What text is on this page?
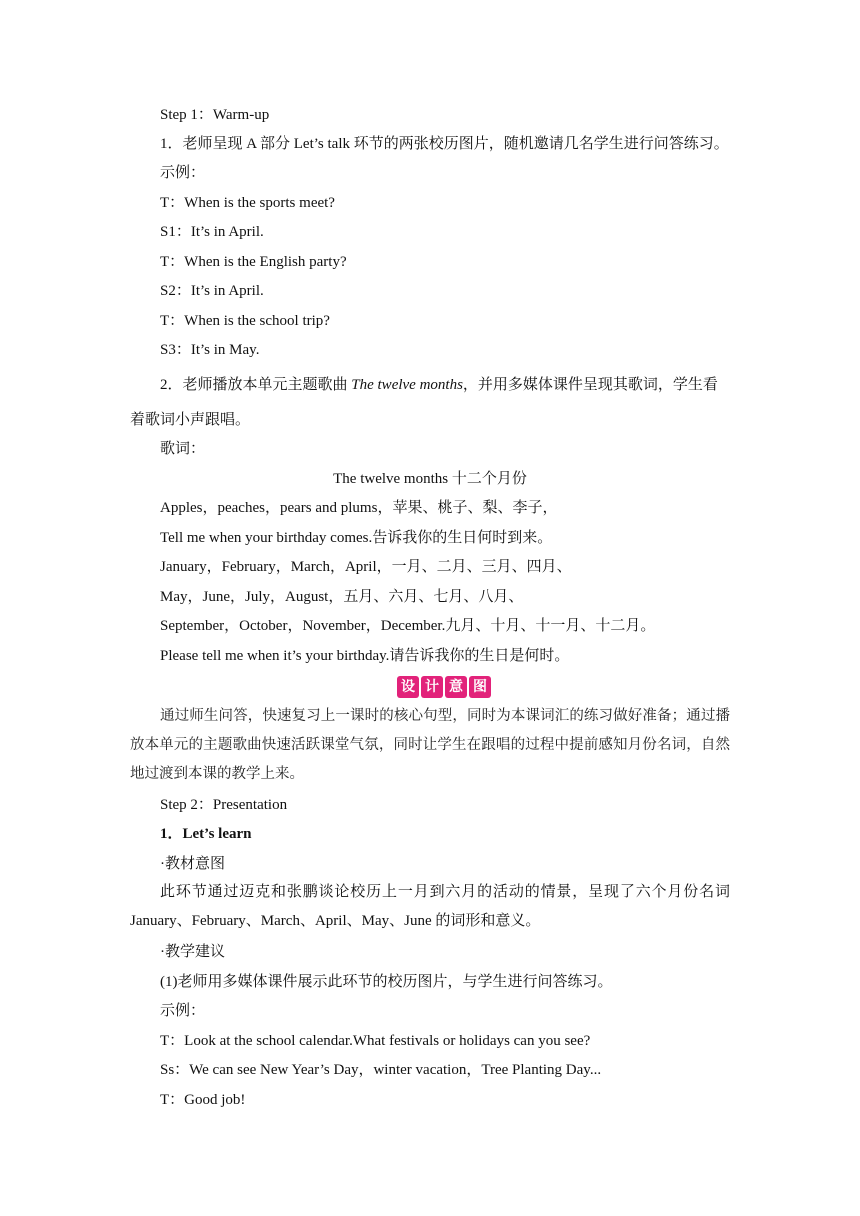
Step 1：Warm-up
1．老师呈现 A 部分 Let’s talk 环节的两张校历图片，随机邀请几名学生进行问答练习。
示例：
T：When is the sports meet?
S1：It’s in April.
T：When is the English party?
S2：It’s in April.
T：When is the school trip?
S3：It’s in May.
2．老师播放本单元主题歌曲 The twelve months，并用多媒体课件呈现其歌词，学生看
着歌词小声跟唱。
歌词：
The twelve months 十二个月份
Apples，peaches，pears and plums，苹果、桃子、梨、李子，
Tell me when your birthday comes.告诉我你的生日何时到来。
January，February，March，April，一月、二月、三月、四月、
May，June，July，August，五月、六月、七月、八月、
September，October，November，December.九月、十月、十一月、十二月。
Please tell me when it’s your birthday.请告诉我你的生日是何时。
设 计 意 图
通过师生问答，快速复习上一课时的核心句型，同时为本课词汇的练习做好准备；通过播放本单元的主题歌曲快速活跃课堂气氛，同时让学生在跟唱的过程中提前感知月份名词，自然地过渡到本课的教学上来。
Step 2：Presentation
1．Let’s learn
·教材意图
此环节通过迈克和张鹏谈论校历上一月到六月的活动的情景，呈现了六个月份名词January、February、March、April、May、June 的词形和意义。
·教学建议
(1)老师用多媒体课件展示此环节的校历图片，与学生进行问答练习。
示例：
T：Look at the school calendar.What festivals or holidays can you see?
Ss：We can see New Year’s Day，winter vacation，Tree Planting Day...
T：Good job!
